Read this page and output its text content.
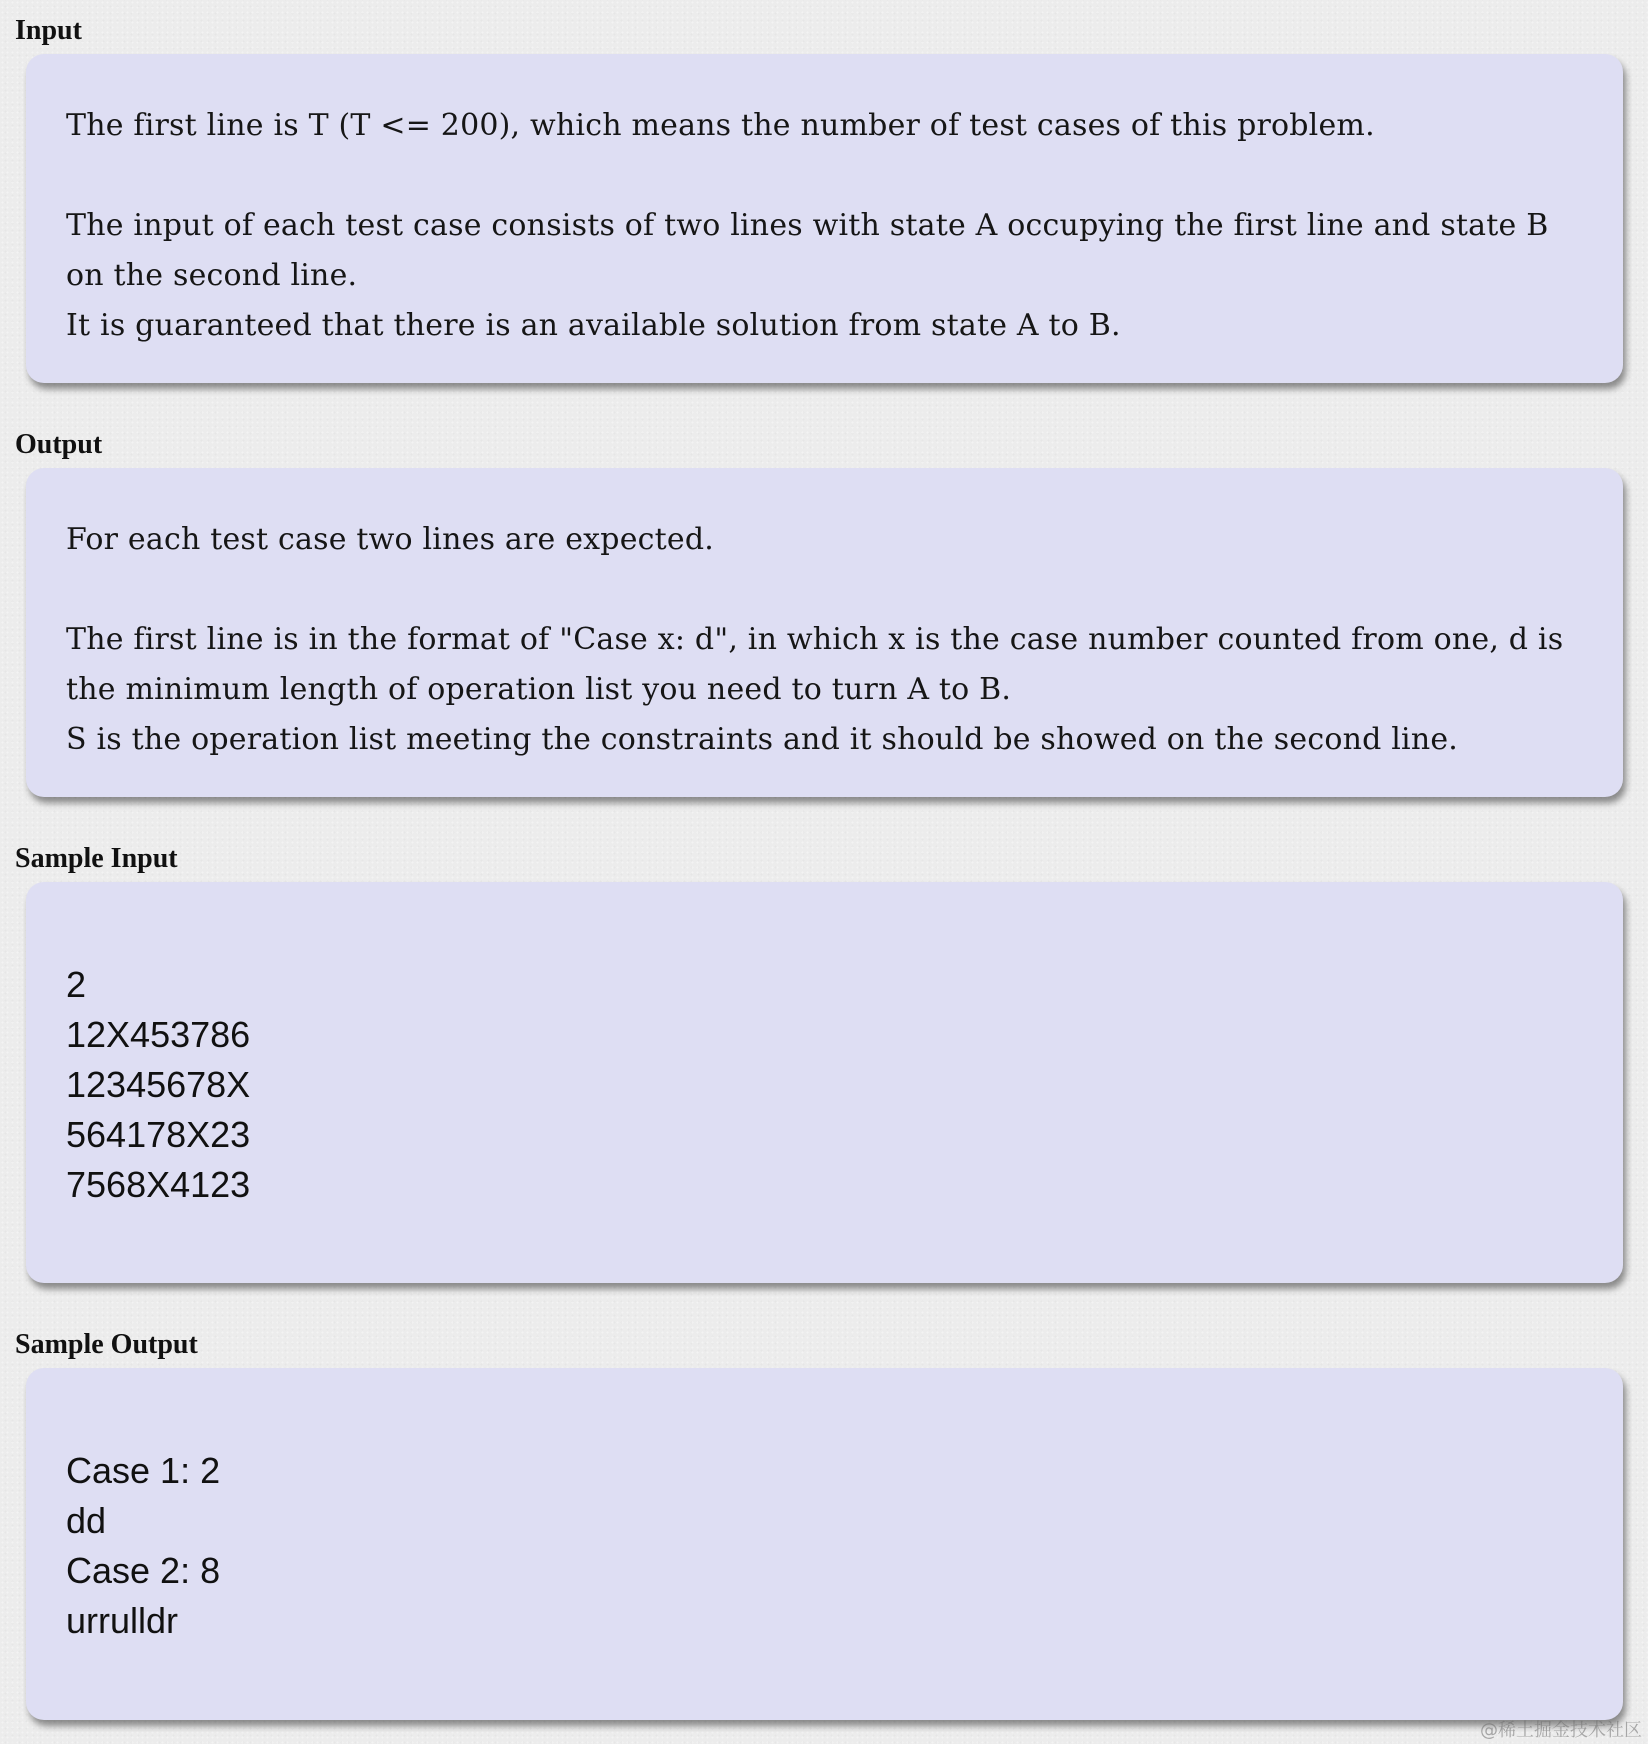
Input

The first line is T (T <= 200), which means the number of test cases of this problem.

The input of each test case consists of two lines with state A occupying the first line and state B on the second line.

It is guaranteed that there is an available solution from state A to B.

Output

For each test case two lines are expected.

The first line is in the format of "Case x: d", in which x is the case number counted from one, d is the minimum length of operation list you need to turn A to B.

S is the operation list meeting the constraints and it should be showed on the second line.

Sample Input
2
12X453786
12345678X
564178X23
7568X4123
Sample Output
Case 1: 2
dd
Case 2: 8
urrulldr
@稀土掘金技术社区
